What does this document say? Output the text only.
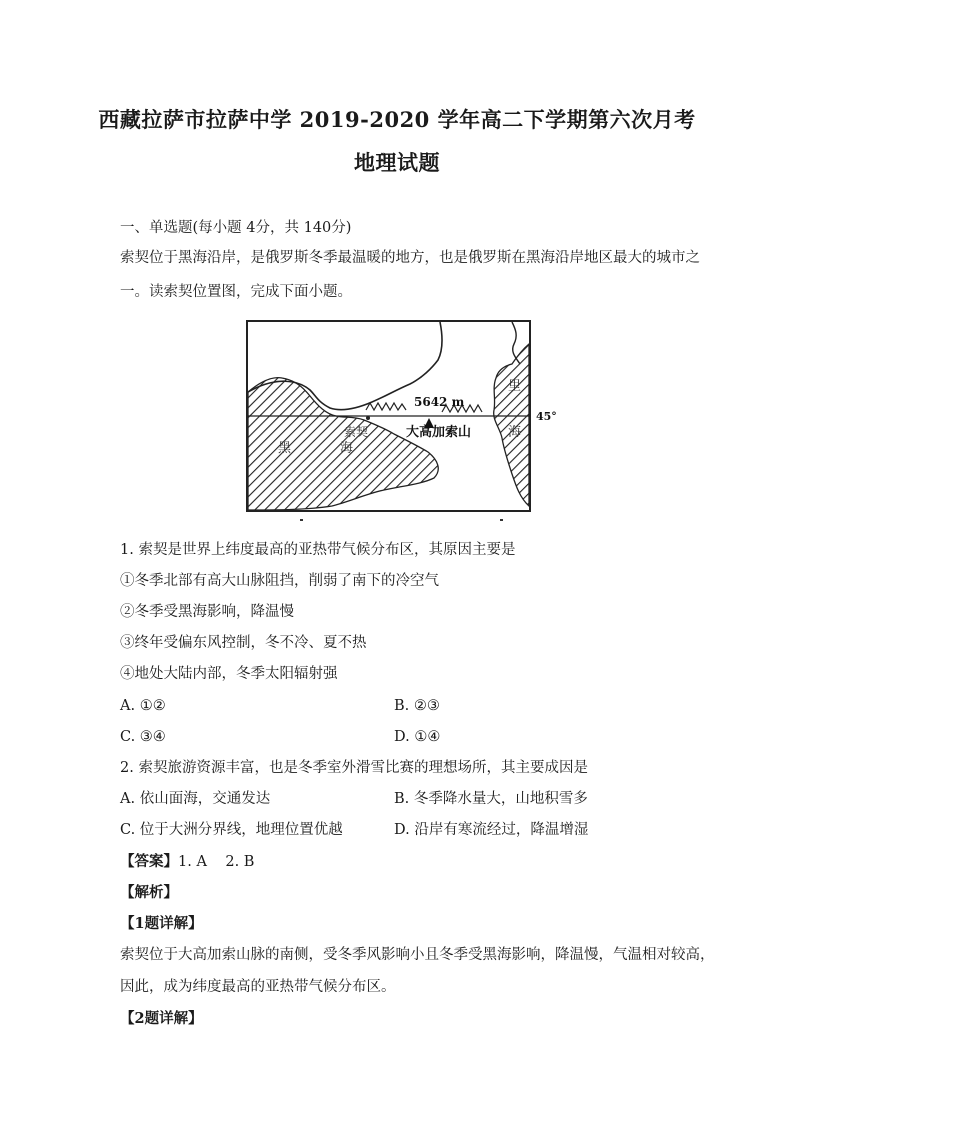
西藏拉萨市拉萨中学 2019-2020 学年高二下学期第六次月考
地理试题
一、单选题(每小题 4分，共 140分)
索契位于黑海沿岸，是俄罗斯冬季最温暖的地方，也是俄罗斯在黑海沿岸地区最大的城市之
一。读索契位置图，完成下面小题。
5642 m
大高加索山
45°
索契
黑	海
里
海
1. 索契是世界上纬度最高的亚热带气候分布区，其原因主要是
①冬季北部有高大山脉阻挡，削弱了南下的冷空气
②冬季受黑海影响，降温慢
③终年受偏东风控制，冬不冷、夏不热
④地处大陆内部，冬季太阳辐射强
A. ①②	B. ②③
C. ③④	D. ①④
2. 索契旅游资源丰富，也是冬季室外滑雪比赛的理想场所，其主要成因是
A. 依山面海，交通发达	B. 冬季降水量大，山地积雪多
C. 位于大洲分界线，地理位置优越	D. 沿岸有寒流经过，降温增湿
【答案】1. A    2. B
【解析】
【1题详解】
索契位于大高加索山脉的南侧，受冬季风影响小且冬季受黑海影响，降温慢，气温相对较高，
因此，成为纬度最高的亚热带气候分布区。
【2题详解】
